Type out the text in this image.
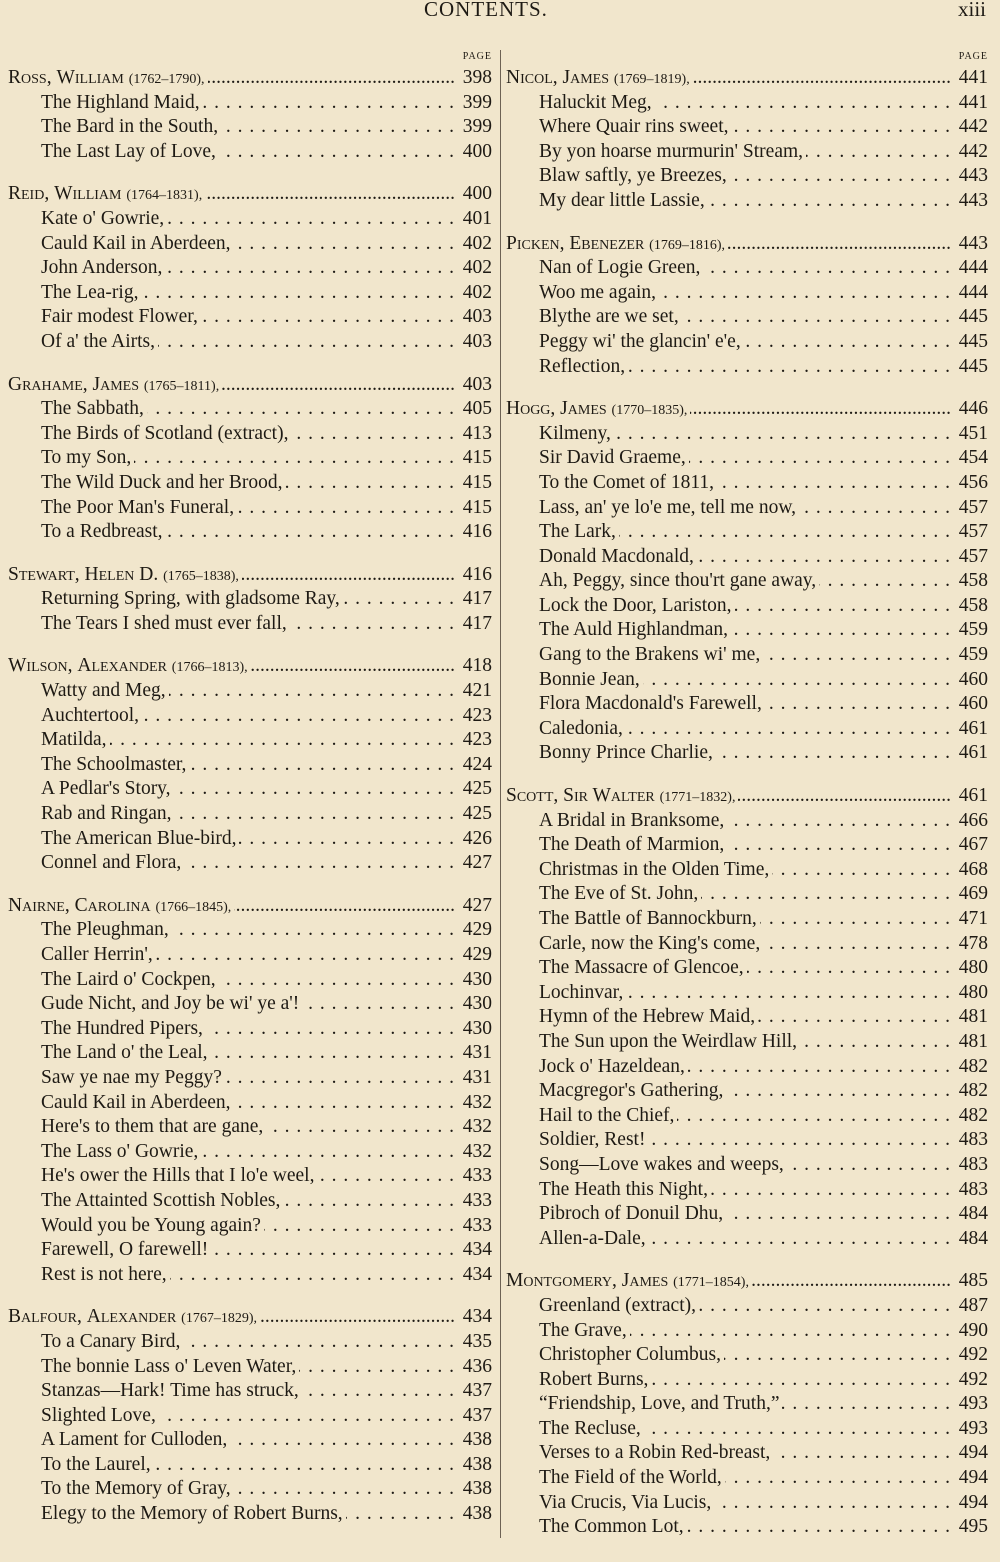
CONTENTS.	xiii
PAGE
Ross, William (1762–1790), .....	398
The Highland Maid, . . .	399
The Bard in the South, . . .	399
The Last Lay of Love, . . .	400
Reid, William (1764–1831), .....	400
Kate o' Gowrie, . . .	401
Cauld Kail in Aberdeen, . . .	402
John Anderson, . . .	402
The Lea-rig, . . .	402
Fair modest Flower, . . .	403
Of a' the Airts, . . .	403
Grahame, James (1765–1811), .....	403
The Sabbath, . . .	405
The Birds of Scotland (extract), . . .	413
To my Son, . . .	415
The Wild Duck and her Brood, . . .	415
The Poor Man's Funeral, . . .	415
To a Redbreast, . . .	416
Stewart, Helen D. (1765–1838), .....	416
Returning Spring, with gladsome Ray, . . .	417
The Tears I shed must ever fall, . . .	417
Wilson, Alexander (1766–1813), .....	418
Watty and Meg, . . .	421
Auchtertool, . . .	423
Matilda, . . .	423
The Schoolmaster, . . .	424
A Pedlar's Story, . . .	425
Rab and Ringan, . . .	425
The American Blue-bird, . . .	426
Connel and Flora, . . .	427
Nairne, Carolina (1766–1845), .....	427
The Pleughman, . . .	429
Caller Herrin', . . .	429
The Laird o' Cockpen, . . .	430
Gude Nicht, and Joy be wi' ye a'! . . .	430
The Hundred Pipers, . . .	430
The Land o' the Leal, . . .	431
Saw ye nae my Peggy? . . .	431
Cauld Kail in Aberdeen, . . .	432
Here's to them that are gane, . . .	432
The Lass o' Gowrie, . . .	432
He's ower the Hills that I lo'e weel, . . .	433
The Attainted Scottish Nobles, . . .	433
Would you be Young again? . . .	433
Farewell, O farewell! . . .	434
Rest is not here, . . .	434
Balfour, Alexander (1767–1829), .....	434
To a Canary Bird, . . .	435
The bonnie Lass o' Leven Water, . . .	436
Stanzas—Hark! Time has struck, . . .	437
Slighted Love, . . .	437
A Lament for Culloden, . . .	438
To the Laurel, . . .	438
To the Memory of Gray, . . .	438
Elegy to the Memory of Robert Burns, . . .	438
PAGE
Nicol, James (1769–1819), .....	441
Haluckit Meg, . . .	441
Where Quair rins sweet, . . .	442
By yon hoarse murmurin' Stream, . . .	442
Blaw saftly, ye Breezes, . . .	443
My dear little Lassie, . . .	443
Picken, Ebenezer (1769–1816), .....	443
Nan of Logie Green, . . .	444
Woo me again, . . .	444
Blythe are we set, . . .	445
Peggy wi' the glancin' e'e, . . .	445
Reflection, . . .	445
Hogg, James (1770–1835), .....	446
Kilmeny, . . .	451
Sir David Graeme, . . .	454
To the Comet of 1811, . . .	456
Lass, an' ye lo'e me, tell me now, . . .	457
The Lark, . . .	457
Donald Macdonald, . . .	457
Ah, Peggy, since thou'rt gane away, . . .	458
Lock the Door, Lariston, . . .	458
The Auld Highlandman, . . .	459
Gang to the Brakens wi' me, . . .	459
Bonnie Jean, . . .	460
Flora Macdonald's Farewell, . . .	460
Caledonia, . . .	461
Bonny Prince Charlie, . . .	461
Scott, Sir Walter (1771–1832), .....	461
A Bridal in Branksome, . . .	466
The Death of Marmion, . . .	467
Christmas in the Olden Time, . . .	468
The Eve of St. John, . . .	469
The Battle of Bannockburn, . . .	471
Carle, now the King's come, . . .	478
The Massacre of Glencoe, . . .	480
Lochinvar, . . .	480
Hymn of the Hebrew Maid, . . .	481
The Sun upon the Weirdlaw Hill, . . .	481
Jock o' Hazeldean, . . .	482
Macgregor's Gathering, . . .	482
Hail to the Chief, . . .	482
Soldier, Rest! . . .	483
Song—Love wakes and weeps, . . .	483
The Heath this Night, . . .	483
Pibroch of Donuil Dhu, . . .	484
Allen-a-Dale, . . .	484
Montgomery, James (1771–1854), .....	485
Greenland (extract), . . .	487
The Grave, . . .	490
Christopher Columbus, . . .	492
Robert Burns, . . .	492
“Friendship, Love, and Truth,” . . .	493
The Recluse, . . .	493
Verses to a Robin Red-breast, . . .	494
The Field of the World, . . .	494
Via Crucis, Via Lucis, . . .	494
The Common Lot, . . .	495
